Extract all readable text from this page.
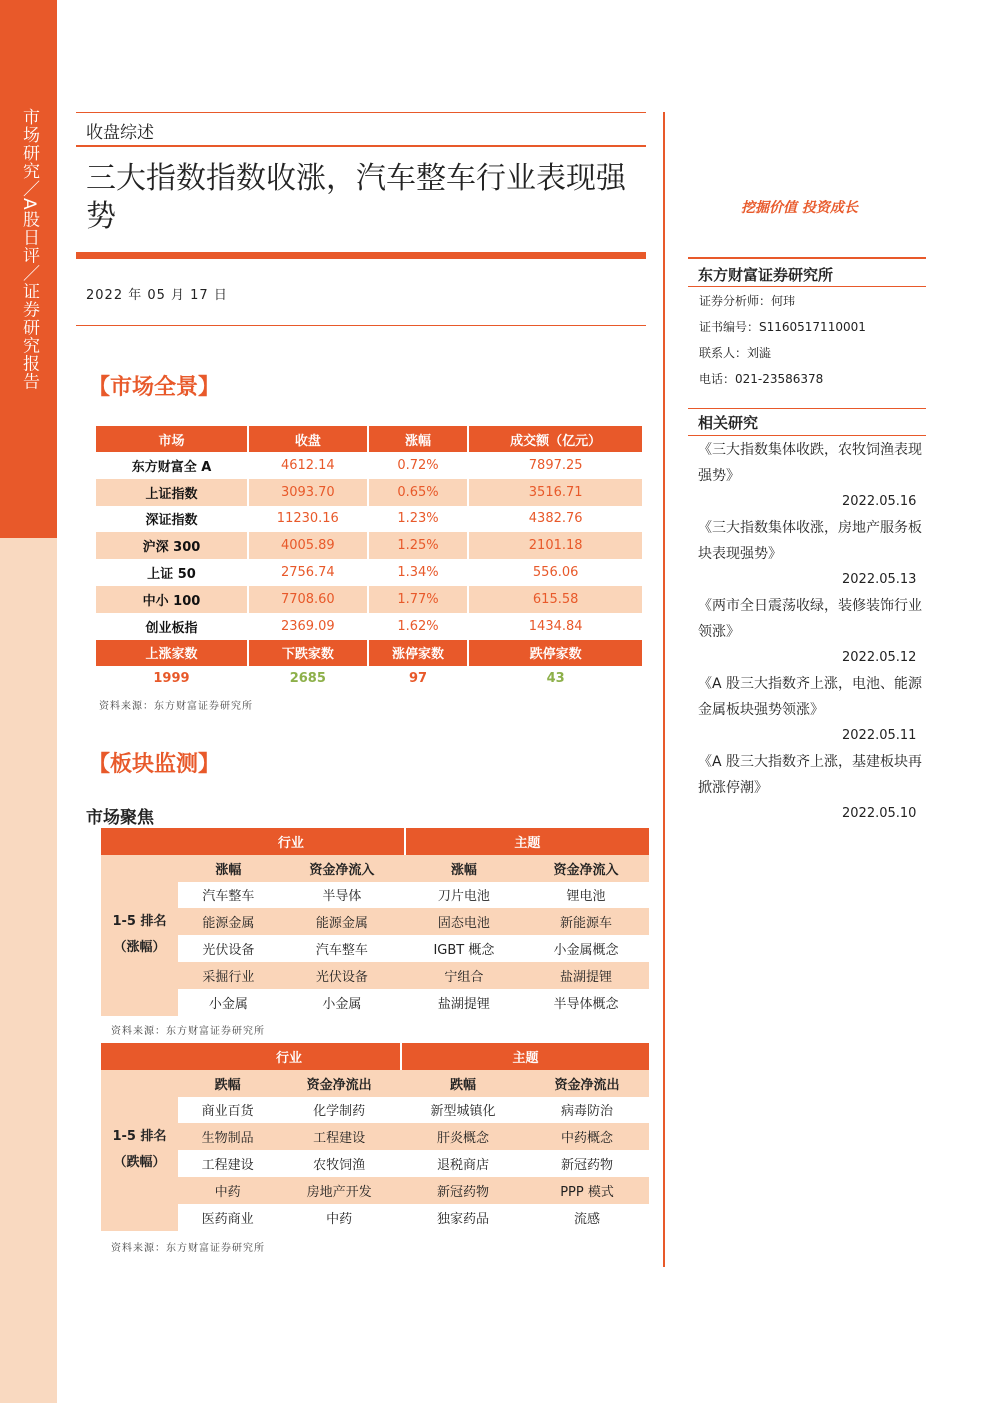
市场研究／A股日评／证券研究报告	收盘综述
三大指数指数收涨，汽车整车行业表现强势
2022 年 05 月 17 日
【市场全景】
市场	收盘	涨幅	成交额（亿元）
东方财富全 A	4612.14	0.72%	7897.25
上证指数	3093.70	0.65%	3516.71
深证指数	11230.16	1.23%	4382.76
沪深 300	4005.89	1.25%	2101.18
上证 50	2756.74	1.34%	556.06
中小 100	7708.60	1.77%	615.58
创业板指	2369.09	1.62%	1434.84
上涨家数	下跌家数	涨停家数	跌停家数
1999	2685	97	43
资料来源：东方财富证券研究所
【板块监测】
市场聚焦
	行业		主题	
1-5 排名
（涨幅）	涨幅	资金净流入	涨幅	资金净流入
	汽车整车	半导体	刀片电池	锂电池
	能源金属	能源金属	固态电池	新能源车
	光伏设备	汽车整车	IGBT 概念	小金属概念
	采掘行业	光伏设备	宁组合	盐湖提锂
	小金属	小金属	盐湖提锂	半导体概念
资料来源：东方财富证券研究所
	行业		主题	
1-5 排名
（跌幅）	跌幅	资金净流出	跌幅	资金净流出
	商业百货	化学制药	新型城镇化	病毒防治
	生物制品	工程建设	肝炎概念	中药概念
	工程建设	农牧饲渔	退税商店	新冠药物
	中药	房地产开发	新冠药物	PPP 模式
	医药商业	中药	独家药品	流感
资料来源：东方财富证券研究所
挖掘价值 投资成长
东方财富证券研究所
证券分析师：何玮
证书编号：S1160517110001
联系人：刘澁
电话：021-23586378
相关研究
《三大指数集体收跌，农牧饲渔表现强势》
2022.05.16
《三大指数集体收涨，房地产服务板块表现强势》
2022.05.13
《两市全日震荡收绿，装修装饰行业领涨》
2022.05.12
《A 股三大指数齐上涨，电池、能源金属板块强势领涨》
2022.05.11
《A 股三大指数齐上涨，基建板块再掀涨停潮》
2022.05.10
